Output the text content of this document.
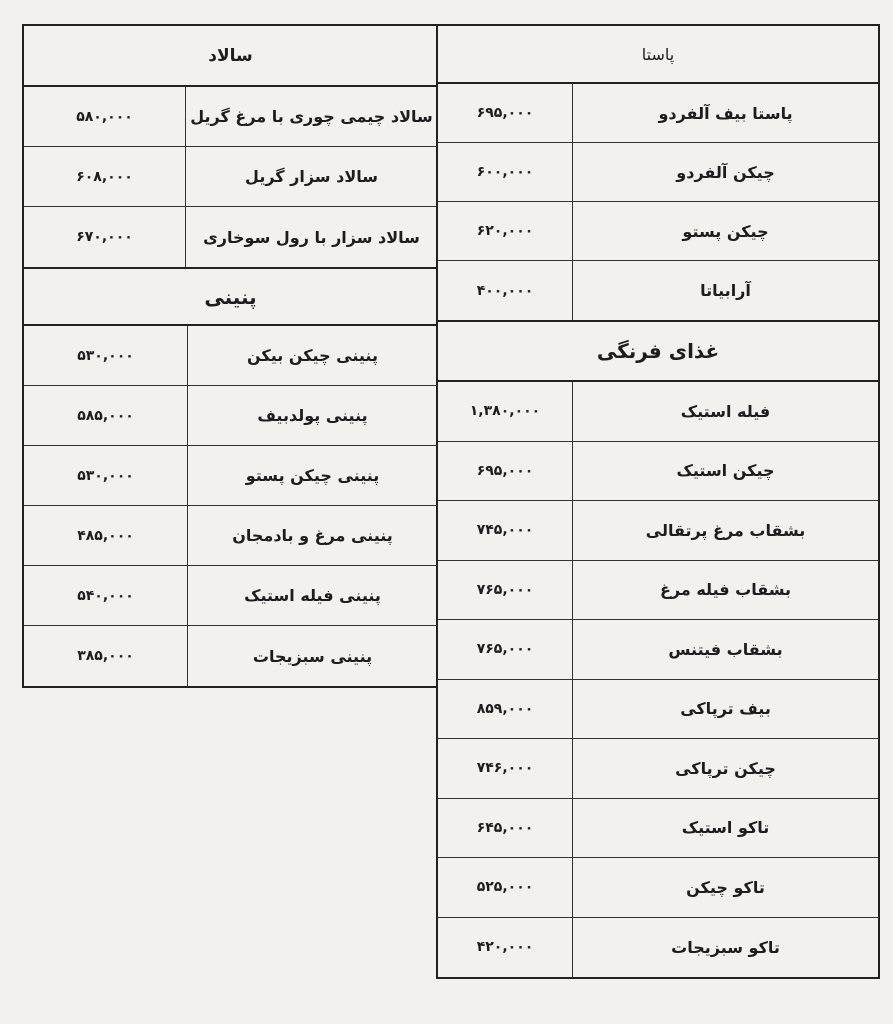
پاستا
پاستا بیف آلفردو
۶۹۵,۰۰۰
چیکن آلفردو
۶۰۰,۰۰۰
چیکن پستو
۶۲۰,۰۰۰
آرابیاتا
۴۰۰,۰۰۰
غذای فرنگی
فیله استیک
۱,۳۸۰,۰۰۰
چیکن استیک
۶۹۵,۰۰۰
بشقاب مرغ پرتقالی
۷۴۵,۰۰۰
بشقاب فیله مرغ
۷۶۵,۰۰۰
بشقاب فیتنس
۷۶۵,۰۰۰
بیف ترپاکی
۸۵۹,۰۰۰
چیکن ترپاکی
۷۴۶,۰۰۰
تاکو استیک
۶۴۵,۰۰۰
تاکو چیکن
۵۲۵,۰۰۰
تاکو سبزیجات
۴۲۰,۰۰۰
سالاد
سالاد چیمی چوری با مرغ گریل
۵۸۰,۰۰۰
سالاد سزار گریل
۶۰۸,۰۰۰
سالاد سزار با رول سوخاری
۶۷۰,۰۰۰
پنینی
پنینی چیکن بیکن
۵۳۰,۰۰۰
پنینی پولدبیف
۵۸۵,۰۰۰
پنینی چیکن پستو
۵۳۰,۰۰۰
پنینی مرغ و بادمجان
۴۸۵,۰۰۰
پنینی فیله استیک
۵۴۰,۰۰۰
پنینی سبزیجات
۳۸۵,۰۰۰
